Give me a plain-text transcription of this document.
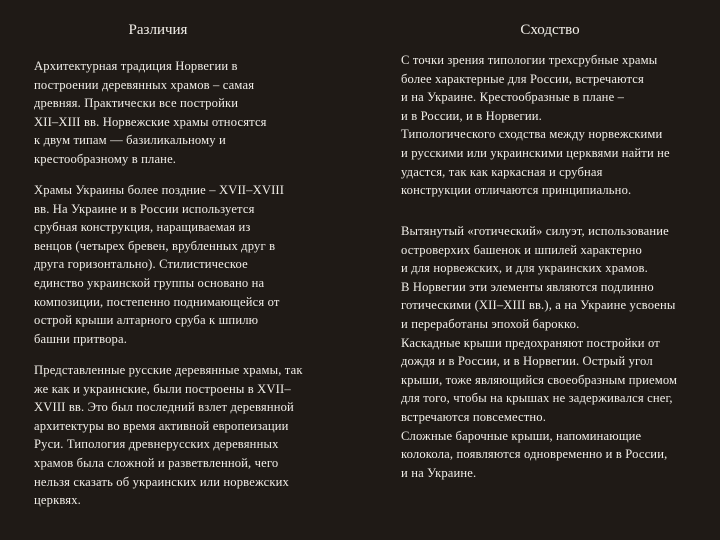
Различия	Сходство
Архитектурная традиция Норвегии в
построении деревянных храмов – самая
древняя. Практически все постройки
XII–XIII вв. Норвежские храмы относятся
к двум типам — базиликальному и
крестообразному в плане.
Храмы Украины более поздние – XVII–XVIII
вв. На Украине и в России используется
срубная конструкция, наращиваемая из
венцов (четырех бревен, врубленных друг в
друга горизонтально). Стилистическое
единство украинской группы основано на
композиции, постепенно поднимающейся от
острой крыши алтарного сруба к шпилю
башни притвора.
Представленные русские деревянные храмы, так
же как и украинские, были построены в XVII–
XVIII вв. Это был последний взлет деревянной
архитектуры во время активной европеизации
Руси. Типология древнерусских деревянных
храмов была сложной и разветвленной, чего
нельзя сказать об украинских или норвежских
церквях.
С точки зрения типологии трехсрубные храмы
более характерные для России, встречаются
и на Украине. Крестообразные в плане –
и в России, и в Норвегии.
Типологического сходства между норвежскими
и русскими или украинскими церквями найти не
удастся, так как каркасная и срубная
конструкции отличаются принципиально.
Вытянутый «готический» силуэт, использование
островерхих башенок и шпилей характерно
и для норвежских, и для украинских храмов.
В Норвегии эти элементы являются подлинно
готическими (XII–XIII вв.), а на Украине усвоены
и переработаны эпохой барокко.
Каскадные крыши предохраняют постройки от
дождя и в России, и в Норвегии. Острый угол
крыши, тоже являющийся своеобразным приемом
для того, чтобы на крышах не задерживался снег,
встречаются повсеместно.
Сложные барочные крыши, напоминающие
колокола, появляются одновременно и в России,
и на Украине.
